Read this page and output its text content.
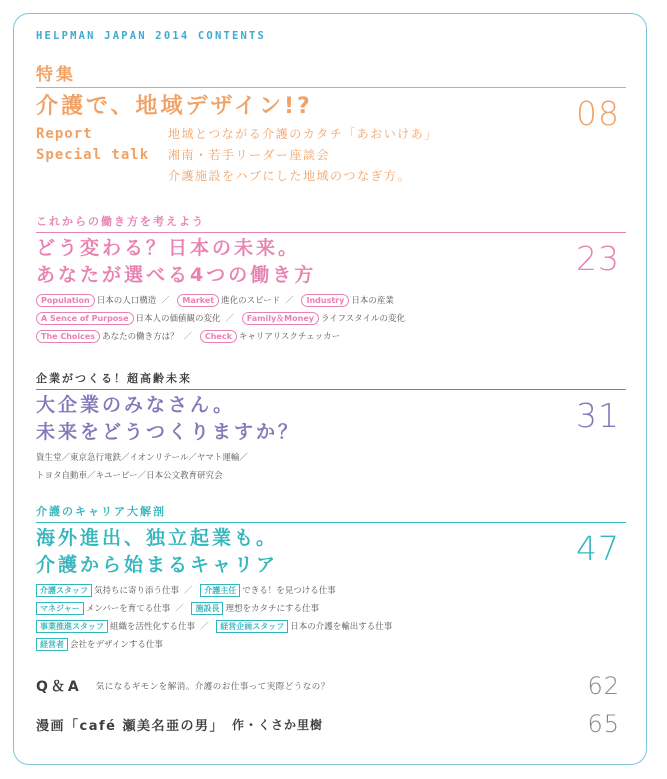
HELPMAN JAPAN 2014 CONTENTS
特集
介護で、地域デザイン!?	08
Report	地域とつながる介護のカタチ「あおいけあ」
Special talk	湘南・若手リーダー座談会
介護施設をハブにした地域のつなぎ方。
これからの働き方を考えよう
どう変わる？日本の未来。
あなたが選べる4つの働き方	23
Population 日本の人口構造 ／ Market 進化のスピード ／ Industry 日本の産業
A Sence of Purpose 日本人の価値観の変化 ／ Family＆Money ライフスタイルの変化
The Choices あなたの働き方は？ ／ Check キャリアリスクチェッカー
企業がつくる！超高齢未来
大企業のみなさん。
未来をどうつくりますか？	31
資生堂／東京急行電鉄／イオンリテール／ヤマト運輸／
トヨタ自動車／キユーピー／日本公文教育研究会
介護のキャリア大解剖
海外進出、独立起業も。
介護から始まるキャリア	47
介護スタッフ 気持ちに寄り添う仕事 ／ 介護主任 できる！を見つける仕事
マネジャー メンバーを育てる仕事 ／ 施設長 理想をカタチにする仕事
事業推進スタッフ 組織を活性化する仕事 ／ 経営企画スタッフ 日本の介護を輸出する仕事
経営者 会社をデザインする仕事
Q＆A 気になるギモンを解消。介護のお仕事って実際どうなの？	62
漫画「café 瀬美名亜の男」 作・くさか里樹	65
